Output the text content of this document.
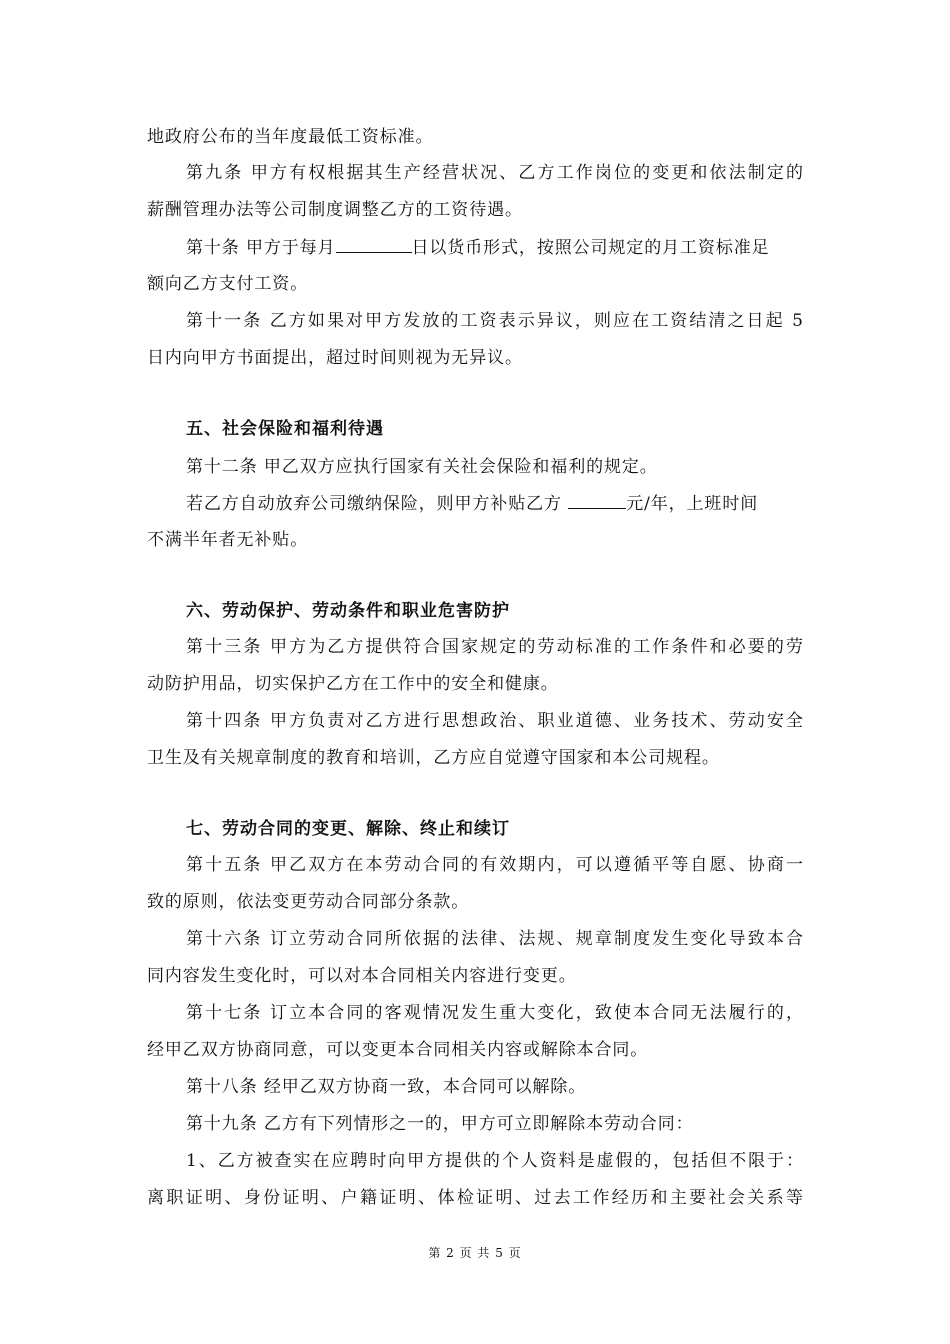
地政府公布的当年度最低工资标准。
第九条 甲方有权根据其生产经营状况、乙方工作岗位的变更和依法制定的
薪酬管理办法等公司制度调整乙方的工资待遇。
第十条 甲方于每月	日以货币形式，按照公司规定的月工资标准足
额向乙方支付工资。
第十一条 乙方如果对甲方发放的工资表示异议，则应在工资结清之日起 5
日内向甲方书面提出，超过时间则视为无异议。
五、社会保险和福利待遇
第十二条 甲乙双方应执行国家有关社会保险和福利的规定。
若乙方自动放弃公司缴纳保险，则甲方补贴乙方	元/年，上班时间
不满半年者无补贴。
六、劳动保护、劳动条件和职业危害防护
第十三条 甲方为乙方提供符合国家规定的劳动标准的工作条件和必要的劳
动防护用品，切实保护乙方在工作中的安全和健康。
第十四条 甲方负责对乙方进行思想政治、职业道德、业务技术、劳动安全
卫生及有关规章制度的教育和培训，乙方应自觉遵守国家和本公司规程。
七、劳动合同的变更、解除、终止和续订
第十五条 甲乙双方在本劳动合同的有效期内，可以遵循平等自愿、协商一
致的原则，依法变更劳动合同部分条款。
第十六条 订立劳动合同所依据的法律、法规、规章制度发生变化导致本合
同内容发生变化时，可以对本合同相关内容进行变更。
第十七条 订立本合同的客观情况发生重大变化，致使本合同无法履行的，
经甲乙双方协商同意，可以变更本合同相关内容或解除本合同。
第十八条 经甲乙双方协商一致，本合同可以解除。
第十九条 乙方有下列情形之一的，甲方可立即解除本劳动合同：
1、乙方被查实在应聘时向甲方提供的个人资料是虚假的，包括但不限于：
离职证明、身份证明、户籍证明、体检证明、过去工作经历和主要社会关系等
第 2 页 共 5 页
